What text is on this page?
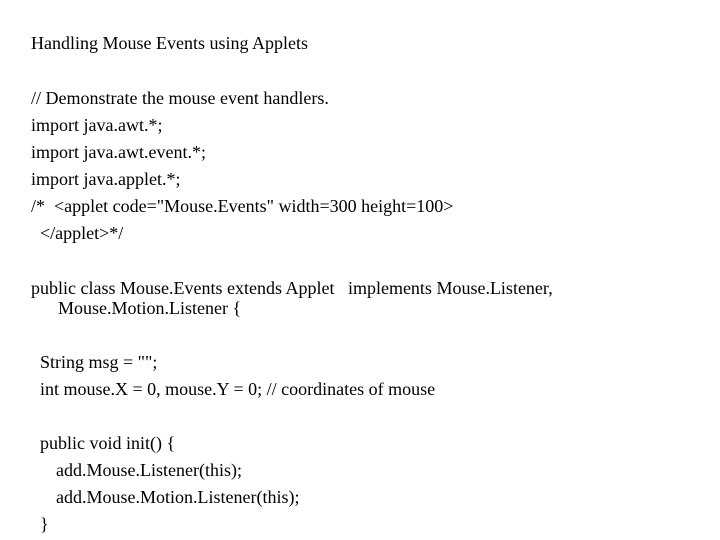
Handling Mouse Events using Applets
// Demonstrate the mouse event handlers.
import java.awt.*;
import java.awt.event.*;
import java.applet.*;
/*  <applet code="Mouse.Events" width=300 height=100>
</applet>*/
public class Mouse.Events extends Applet   implements Mouse.Listener,
Mouse.Motion.Listener {
String msg = "";
int mouse.X = 0, mouse.Y = 0; // coordinates of mouse
public void init() {
add.Mouse.Listener(this);
add.Mouse.Motion.Listener(this);
}
